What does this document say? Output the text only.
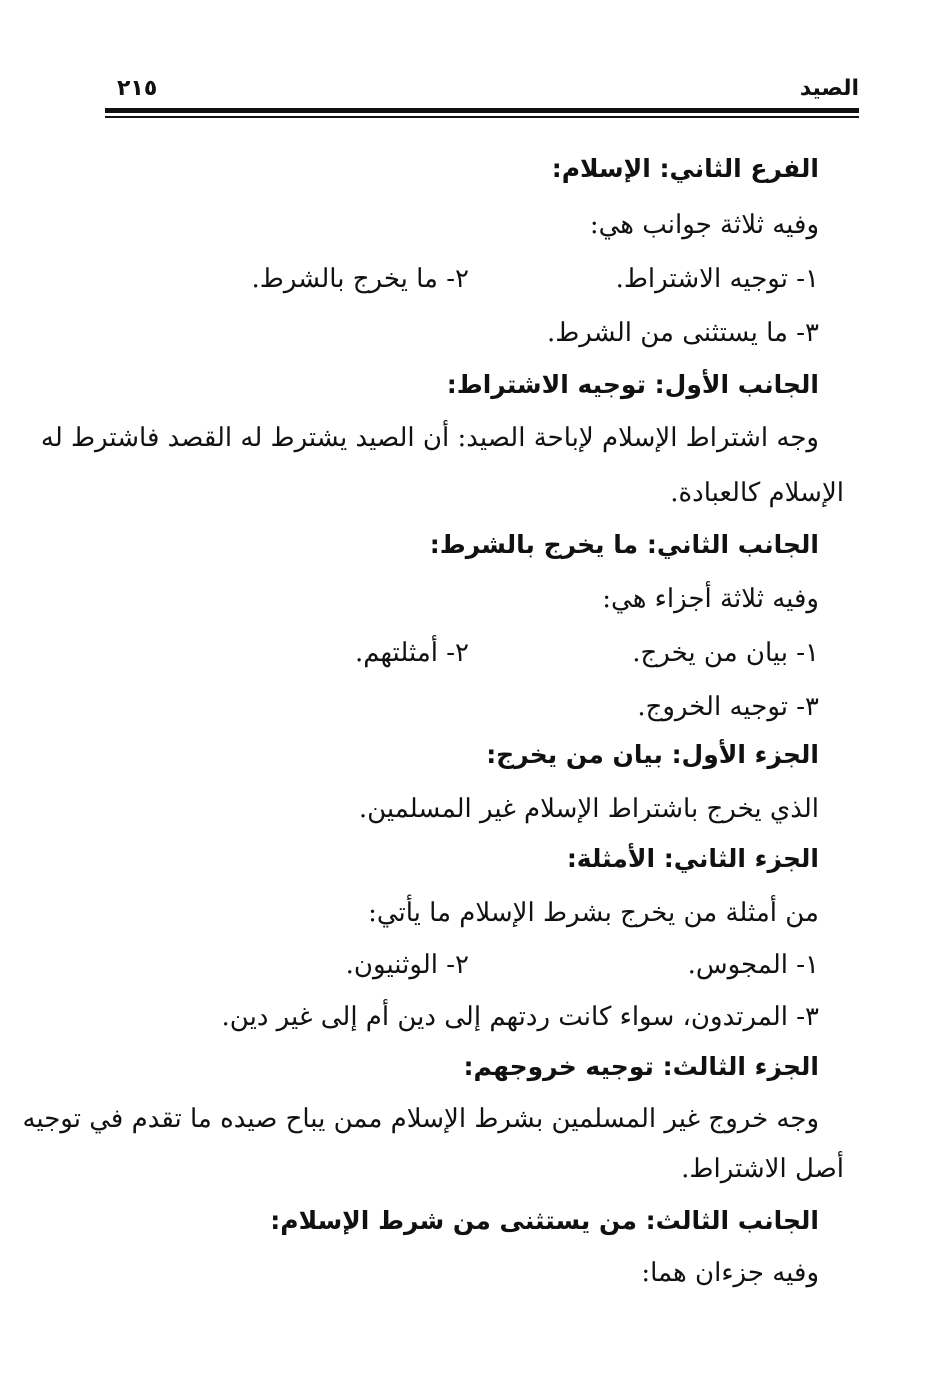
الصيد
٢١٥
الفرع الثاني: الإسلام:
وفيه ثلاثة جوانب هي:
١- توجيه الاشتراط.
٢- ما يخرج بالشرط.
٣- ما يستثنى من الشرط.
الجانب الأول: توجيه الاشتراط:
وجه اشتراط الإسلام لإباحة الصيد: أن الصيد يشترط له القصد فاشترط له
الإسلام كالعبادة.
الجانب الثاني: ما يخرج بالشرط:
وفيه ثلاثة أجزاء هي:
١- بيان من يخرج.
٢- أمثلتهم.
٣- توجيه الخروج.
الجزء الأول: بيان من يخرج:
الذي يخرج باشتراط الإسلام غير المسلمين.
الجزء الثاني: الأمثلة:
من أمثلة من يخرج بشرط الإسلام ما يأتي:
١- المجوس.
٢- الوثنيون.
٣- المرتدون، سواء كانت ردتهم إلى دين أم إلى غير دين.
الجزء الثالث: توجيه خروجهم:
وجه خروج غير المسلمين بشرط الإسلام ممن يباح صيده ما تقدم في توجيه
أصل الاشتراط.
الجانب الثالث: من يستثنى من شرط الإسلام:
وفيه جزءان هما:
